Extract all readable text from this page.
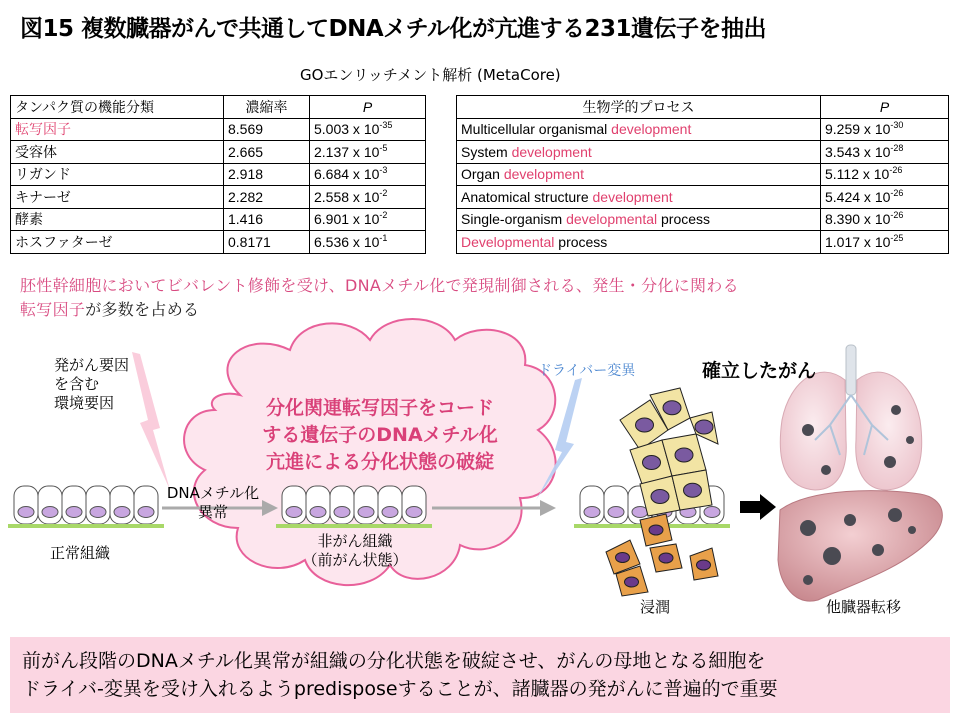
図15 複数臓器がんで共通してDNAメチル化が亢進する231遺伝子を抽出
GOエンリッチメント解析 (MetaCore)
タンパク質の機能分類	濃縮率	P
転写因子	8.569	5.003 x $10^{-35}$
受容体	2.665	2.137 x $10^{-5}$
リガンド	2.918	6.684 x $10^{-3}$
キナーゼ	2.282	2.558 x $10^{-2}$
酵素	1.416	6.901 x $10^{-2}$
ホスファターゼ	0.8171	6.536 x $10^{-1}$
生物学的プロセス	P
Multicellular organismal development	9.259 x $10^{-30}$
System development	3.543 x $10^{-28}$
Organ development	5.112 x $10^{-26}$
Anatomical structure development	5.424 x $10^{-26}$
Single-organism developmental process	8.390 x $10^{-26}$
Developmental process	1.017 x $10^{-25}$
胚性幹細胞においてビバレント修飾を受け、DNAメチル化で発現制御される、発生・分化に関わる
転写因子が多数を占める
発がん要因
を含む
環境要因
正常組織
DNAメチル化
異常
分化関連転写因子をコード
する遺伝子のDNAメチル化
亢進による分化状態の破綻
非がん組織
（前がん状態）
ドライバー変異	確立したがん
浸潤	他臓器転移
前がん段階のDNAメチル化異常が組織の分化状態を破綻させ、がんの母地となる細胞を
ドライバ-変異を受け入れるようpredisposeすることが、諸臓器の発がんに普遍的で重要
